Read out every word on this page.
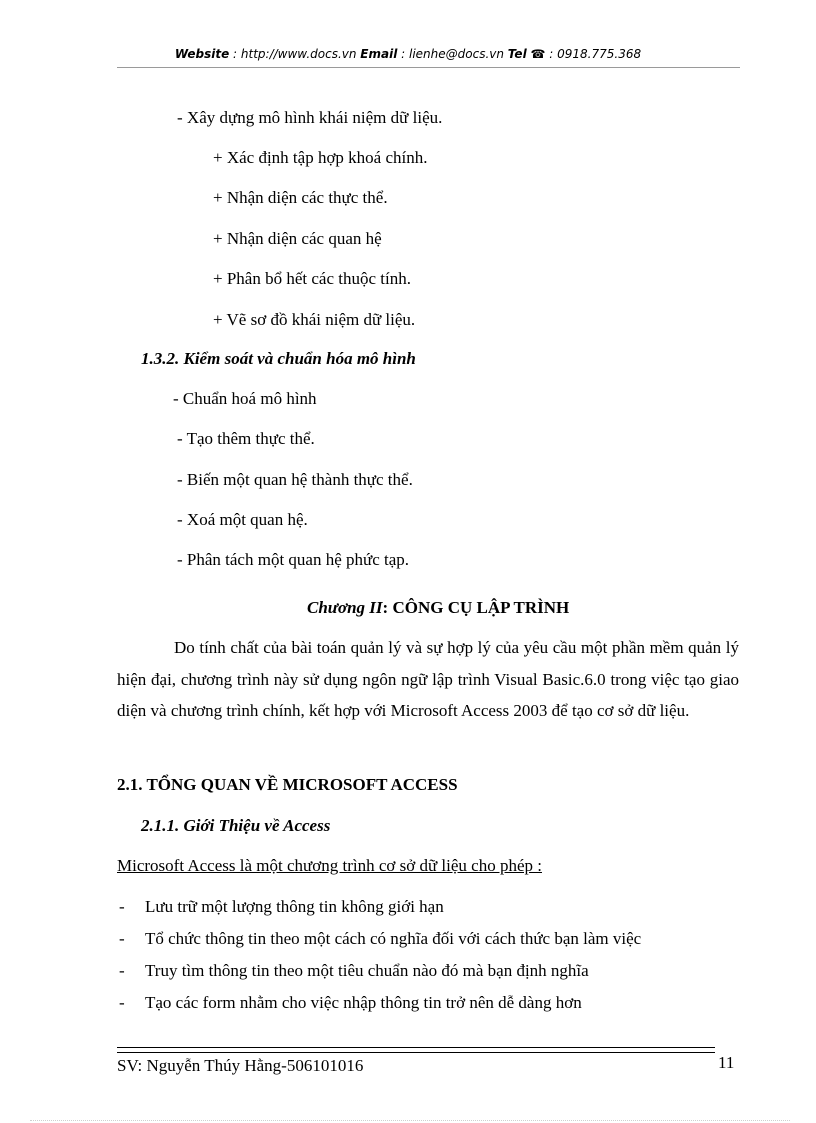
Website : http://www.docs.vn Email : lienhe@docs.vn Tel ☎ : 0918.775.368
- Xây dựng mô hình khái niệm dữ liệu.
+ Xác định tập hợp khoá chính.
+ Nhận diện các thực thể.
+ Nhận diện các quan hệ
+ Phân bổ hết các thuộc tính.
+ Vẽ sơ đồ khái niệm dữ liệu.
1.3.2. Kiểm soát và chuẩn hóa mô hình
- Chuẩn hoá mô hình
- Tạo thêm thực thể.
- Biến một quan hệ thành thực thể.
- Xoá một quan hệ.
- Phân tách một quan hệ phức tạp.
Chương II: CÔNG CỤ LẬP TRÌNH
Do tính chất của bài toán quản lý và sự hợp lý của yêu cầu một phần mềm quản lý hiện đại, chương trình này sử dụng ngôn ngữ lập trình Visual Basic.6.0 trong việc tạo giao diện và chương trình chính, kết hợp với Microsoft Access 2003 để tạo cơ sở dữ liệu.
2.1. TỔNG QUAN VỀ MICROSOFT ACCESS
2.1.1. Giới Thiệu về Access
Microsoft Access là một chương trình cơ sở dữ liệu cho phép :
- Lưu trữ một lượng thông tin không giới hạn
- Tổ chức thông tin theo một cách có nghĩa đối với cách thức bạn làm việc
- Truy tìm thông tin theo một tiêu chuẩn nào đó mà bạn định nghĩa
- Tạo các form nhằm cho việc nhập thông tin trở nên dễ dàng hơn
SV: Nguyễn Thúy Hằng-506101016	11
